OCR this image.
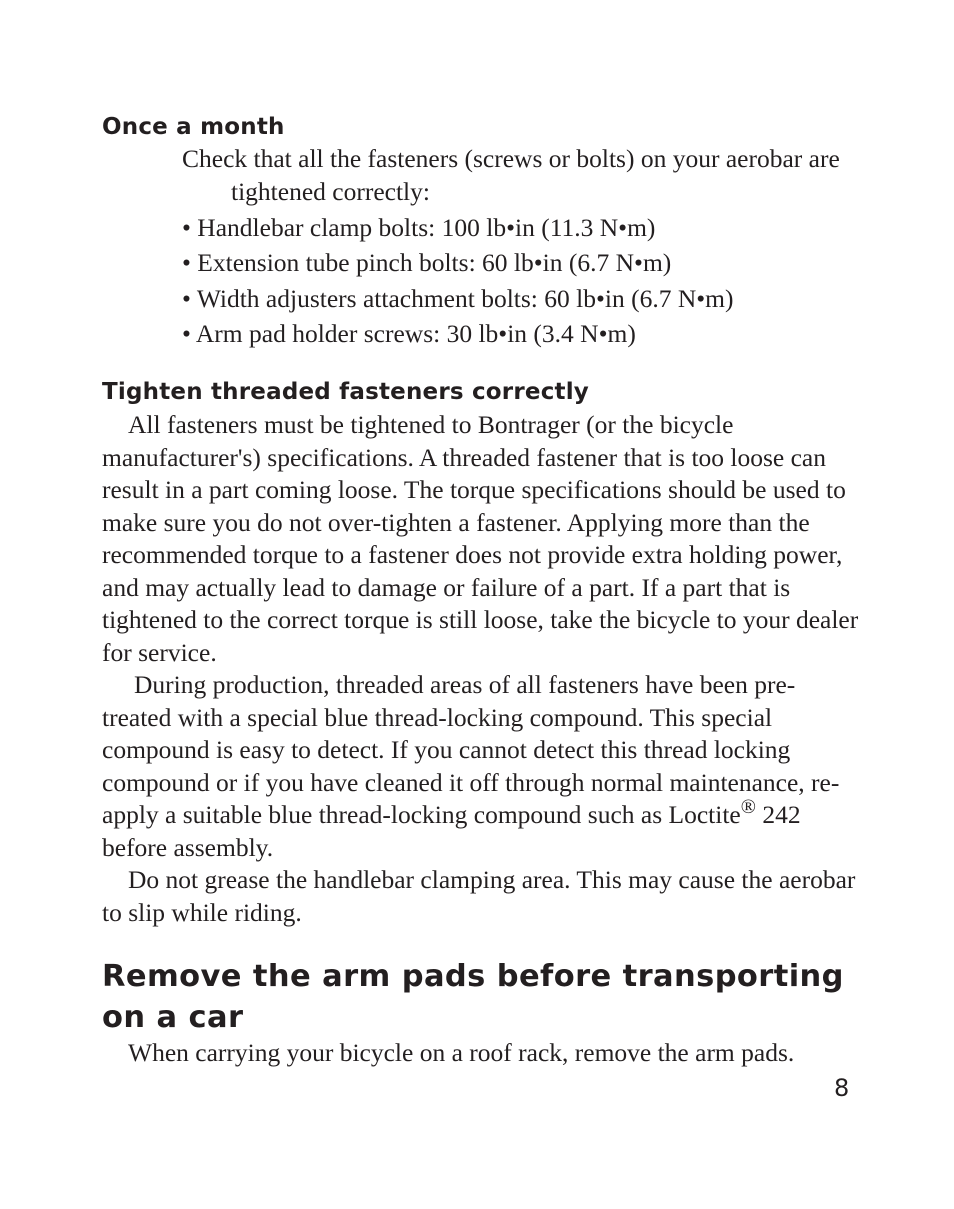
Once a month
Check that all the fasteners (screws or bolts) on your aerobar are tightened correctly:
• Handlebar clamp bolts: 100 lb•in (11.3 N•m)
• Extension tube pinch bolts: 60 lb•in (6.7 N•m)
• Width adjusters attachment bolts: 60 lb•in (6.7 N•m)
• Arm pad holder screws: 30 lb•in (3.4 N•m)
Tighten threaded fasteners correctly

All fasteners must be tightened to Bontrager (or the bicycle manufacturer's) specifications. A threaded fastener that is too loose can result in a part coming loose. The torque specifications should be used to make sure you do not over-tighten a fastener. Applying more than the recommended torque to a fastener does not provide extra holding power, and may actually lead to damage or failure of a part. If a part that is tightened to the correct torque is still loose, take the bicycle to your dealer for service.

During production, threaded areas of all fasteners have been pre-treated with a special blue thread-locking compound. This special compound is easy to detect. If you cannot detect this thread locking compound or if you have cleaned it off through normal maintenance, re-apply a suitable blue thread-locking compound such as Loctite® 242 before assembly.

Do not grease the handlebar clamping area. This may cause the aerobar to slip while riding.

Remove the arm pads before transporting on a car
When carrying your bicycle on a roof rack, remove the arm pads.
8
